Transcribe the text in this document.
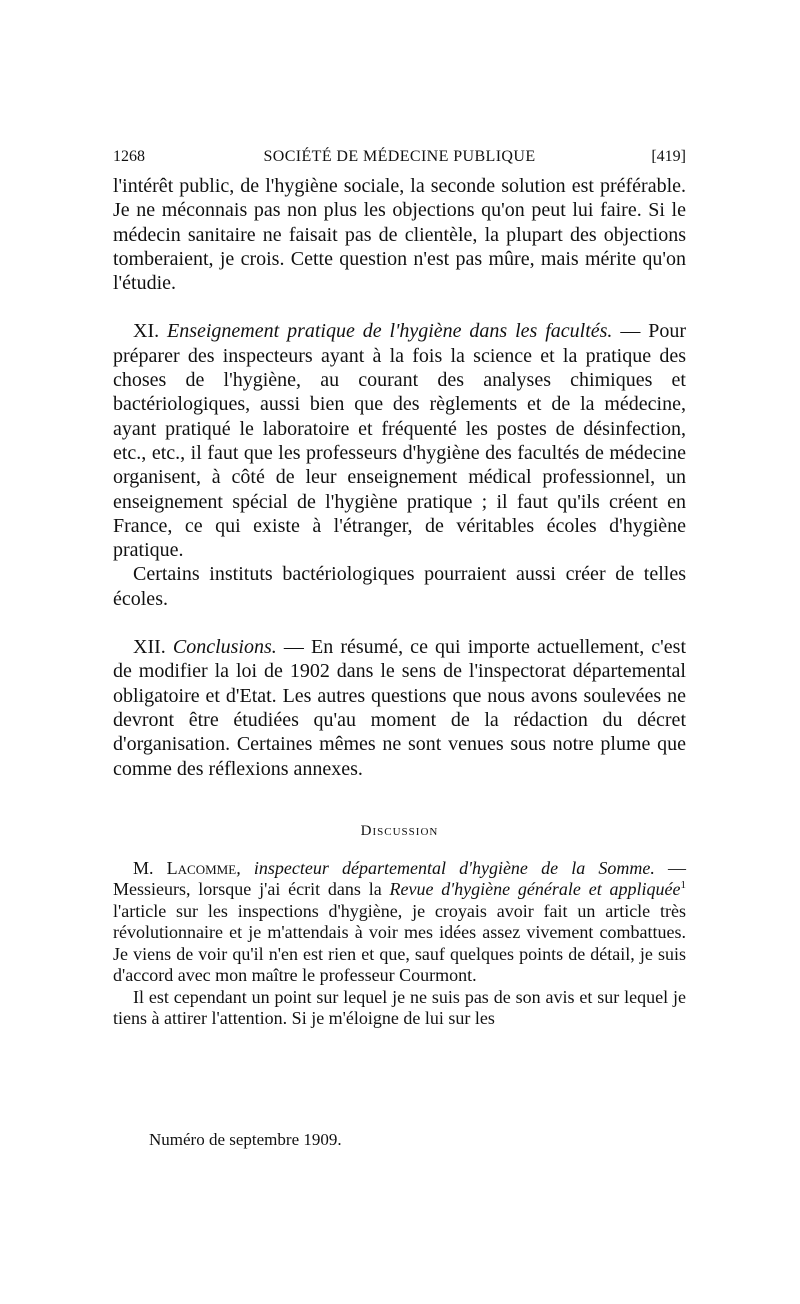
1268	SOCIÉTÉ DE MÉDECINE PUBLIQUE	[419]

l'intérêt public, de l'hygiène sociale, la seconde solution est préférable. Je ne méconnais pas non plus les objections qu'on peut lui faire. Si le médecin sanitaire ne faisait pas de clientèle, la plupart des objections tomberaient, je crois. Cette question n'est pas mûre, mais mérite qu'on l'étudie.

XI. Enseignement pratique de l'hygiène dans les facultés. — Pour préparer des inspecteurs ayant à la fois la science et la pratique des choses de l'hygiène, au courant des analyses chimiques et bactériologiques, aussi bien que des règlements et de la médecine, ayant pratiqué le laboratoire et fréquenté les postes de désinfection, etc., etc., il faut que les professeurs d'hygiène des facultés de médecine organisent, à côté de leur enseignement médical professionnel, un enseignement spécial de l'hygiène pratique ; il faut qu'ils créent en France, ce qui existe à l'étranger, de véritables écoles d'hygiène pratique.

Certains instituts bactériologiques pourraient aussi créer de telles écoles.

XII. Conclusions. — En résumé, ce qui importe actuellement, c'est de modifier la loi de 1902 dans le sens de l'inspectorat départemental obligatoire et d'Etat. Les autres questions que nous avons soulevées ne devront être étudiées qu'au moment de la rédaction du décret d'organisation. Certaines mêmes ne sont venues sous notre plume que comme des réflexions annexes.

Discussion

M. Lacomme, inspecteur départemental d'hygiène de la Somme. — Messieurs, lorsque j'ai écrit dans la Revue d'hygiène générale et appliquée$^1$ l'article sur les inspections d'hygiène, je croyais avoir fait un article très révolutionnaire et je m'attendais à voir mes idées assez vivement combattues. Je viens de voir qu'il n'en est rien et que, sauf quelques points de détail, je suis d'accord avec mon maître le professeur Courmont.

Il est cependant un point sur lequel je ne suis pas de son avis et sur lequel je tiens à attirer l'attention. Si je m'éloigne de lui sur les

Numéro de septembre 1909.
